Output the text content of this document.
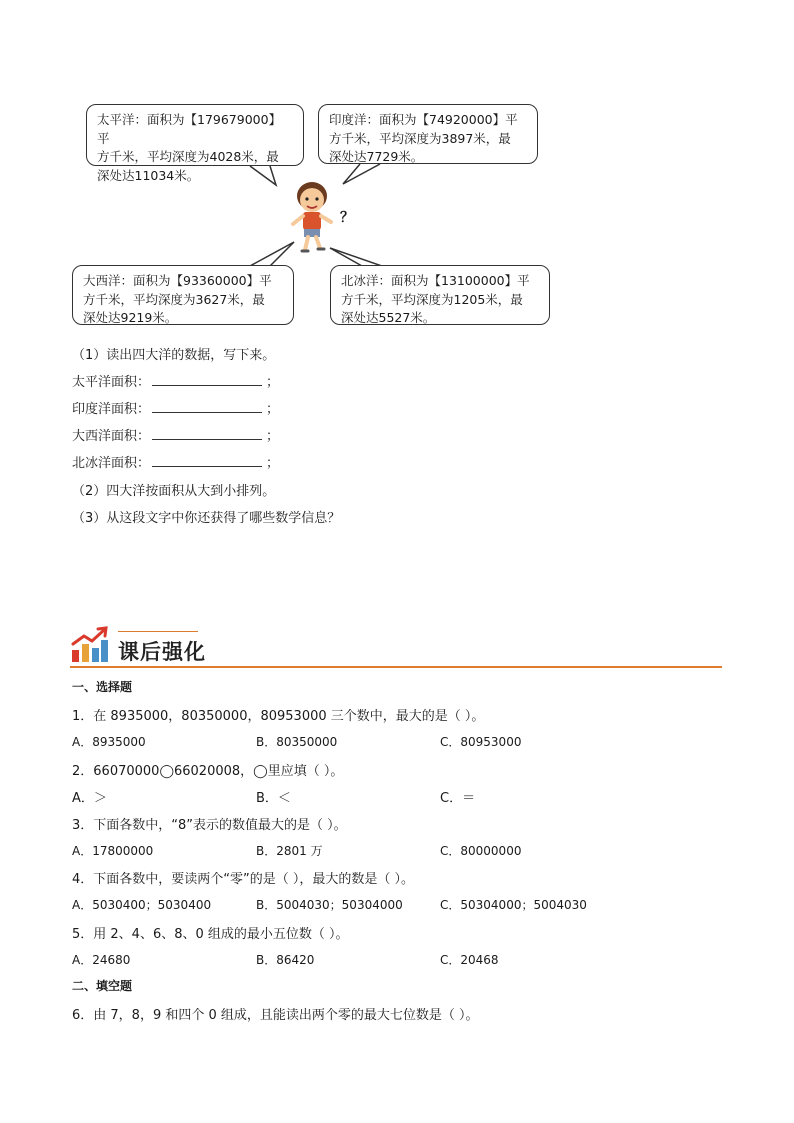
太平洋：面积为【179679000】平
方千米，平均深度为4028米，最
深处达11034米。
印度洋：面积为【74920000】平
方千米，平均深度为3897米，最
深处达7729米。
大西洋：面积为【93360000】平
方千米，平均深度为3627米，最
深处达9219米。
北冰洋：面积为【13100000】平
方千米，平均深度为1205米，最
深处达5527米。
？
（1）读出四大洋的数据，写下来。
太平洋面积：	；
印度洋面积：	；
大西洋面积：	；
北冰洋面积：	；
（2）四大洋按面积从大到小排列。
（3）从这段文字中你还获得了哪些数学信息？
课后强化
一、选择题
1．在 8935000，80350000，80953000 三个数中，最大的是（ ）。
A．8935000	B．80350000	C．80953000
2．66070000◯66020008，◯里应填（ ）。
A．＞	B．＜	C．＝
3．下面各数中，“8”表示的数值最大的是（ ）。
A．17800000	B．2801 万	C．80000000
4．下面各数中，要读两个“零”的是（ ），最大的数是（ ）。
A．5030400；5030400	B．5004030；50304000	C．50304000；5004030
5．用 2、4、6、8、0 组成的最小五位数（ ）。
A．24680	B．86420	C．20468
二、填空题
6．由 7，8，9 和四个 0 组成，且能读出两个零的最大七位数是（ ）。
